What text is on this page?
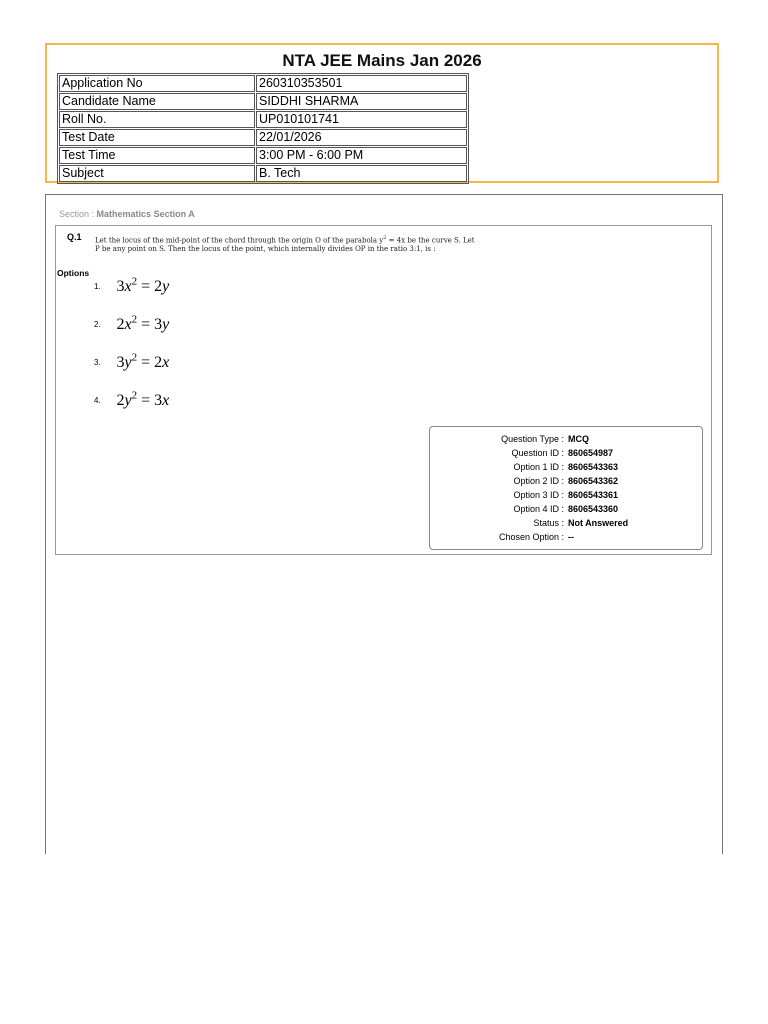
NTA JEE Mains Jan 2026
Application No	260310353501
Candidate Name	SIDDHI SHARMA
Roll No.	UP010101741
Test Date	22/01/2026
Test Time	3:00 PM - 6:00 PM
Subject	B. Tech
Section : Mathematics Section A
Q.1 Let the locus of the mid-point of the chord through the origin O of the parabola $y^2 = 4x$ be the curve S. Let P be any point on S. Then the locus of the point, which internally divides OP in the ratio 3:1, is :
Options
1. $3x^2 = 2y$
2. $2x^2 = 3y$
3. $3y^2 = 2x$
4. $2y^2 = 3x$
Question Type : MCQ
Question ID : 860654987
Option 1 ID : 8606543363
Option 2 ID : 8606543362
Option 3 ID : 8606543361
Option 4 ID : 8606543360
Status : Not Answered
Chosen Option : --
